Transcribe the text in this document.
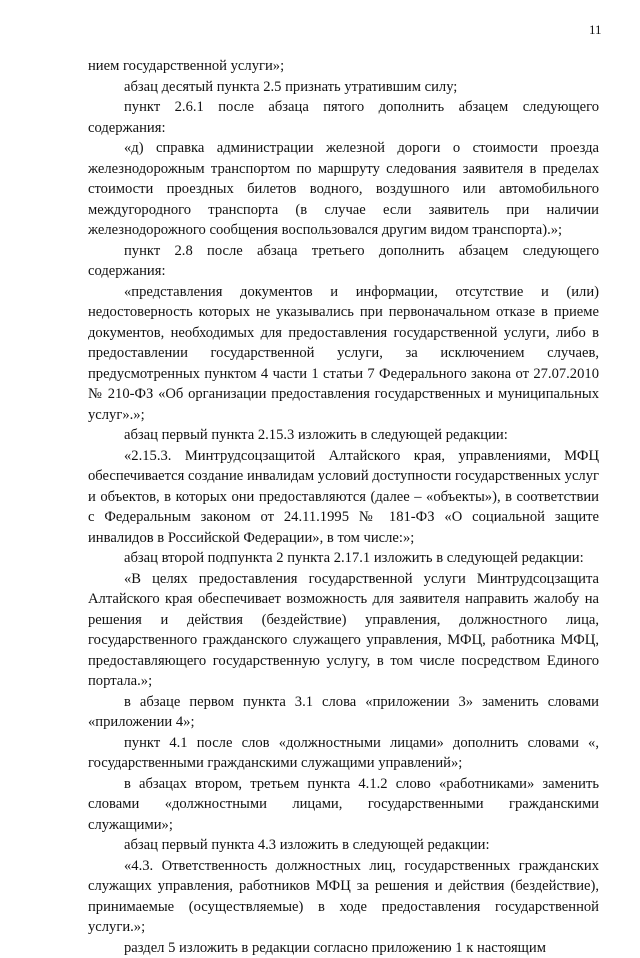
11

нием государственной услуги»;

абзац десятый пункта 2.5 признать утратившим силу;

пункт 2.6.1 после абзаца пятого дополнить абзацем следующего содержания:

«д) справка администрации железной дороги о стоимости проезда железнодорожным транспортом по маршруту следования заявителя в пределах стоимости проездных билетов водного, воздушного или автомобильного междугородного транспорта (в случае если заявитель при наличии железнодорожного сообщения воспользовался другим видом транспорта).»;

пункт 2.8 после абзаца третьего дополнить абзацем следующего содержания:

«представления документов и информации, отсутствие и (или) недостоверность которых не указывались при первоначальном отказе в приеме документов, необходимых для предоставления государственной услуги, либо в предоставлении государственной услуги, за исключением случаев, предусмотренных пунктом 4 части 1 статьи 7 Федерального закона от 27.07.2010 № 210-ФЗ «Об организации предоставления государственных и муниципальных услуг».»;

абзац первый пункта 2.15.3 изложить в следующей редакции:

«2.15.3. Минтрудсоцзащитой Алтайского края, управлениями, МФЦ обеспечивается создание инвалидам условий доступности государственных услуг и объектов, в которых они предоставляются (далее – «объекты»), в соответствии с Федеральным законом от 24.11.1995 № 181-ФЗ «О социальной защите инвалидов в Российской Федерации», в том числе:»;

абзац второй подпункта 2 пункта 2.17.1 изложить в следующей редакции:

«В целях предоставления государственной услуги Минтрудсоцзащита Алтайского края обеспечивает возможность для заявителя направить жалобу на решения и действия (бездействие) управления, должностного лица, государственного гражданского служащего управления, МФЦ, работника МФЦ, предоставляющего государственную услугу, в том числе посредством Единого портала.»;

в абзаце первом пункта 3.1 слова «приложении 3» заменить словами «приложении 4»;

пункт 4.1 после слов «должностными лицами» дополнить словами «, государственными гражданскими служащими управлений»;

в абзацах втором, третьем пункта 4.1.2 слово «работниками» заменить словами «должностными лицами, государственными гражданскими служащими»;

абзац первый пункта 4.3 изложить в следующей редакции:

«4.3. Ответственность должностных лиц, государственных гражданских служащих управления, работников МФЦ за решения и действия (бездействие), принимаемые (осуществляемые) в ходе предоставления государственной услуги.»;

раздел 5 изложить в редакции согласно приложению 1 к настоящим
